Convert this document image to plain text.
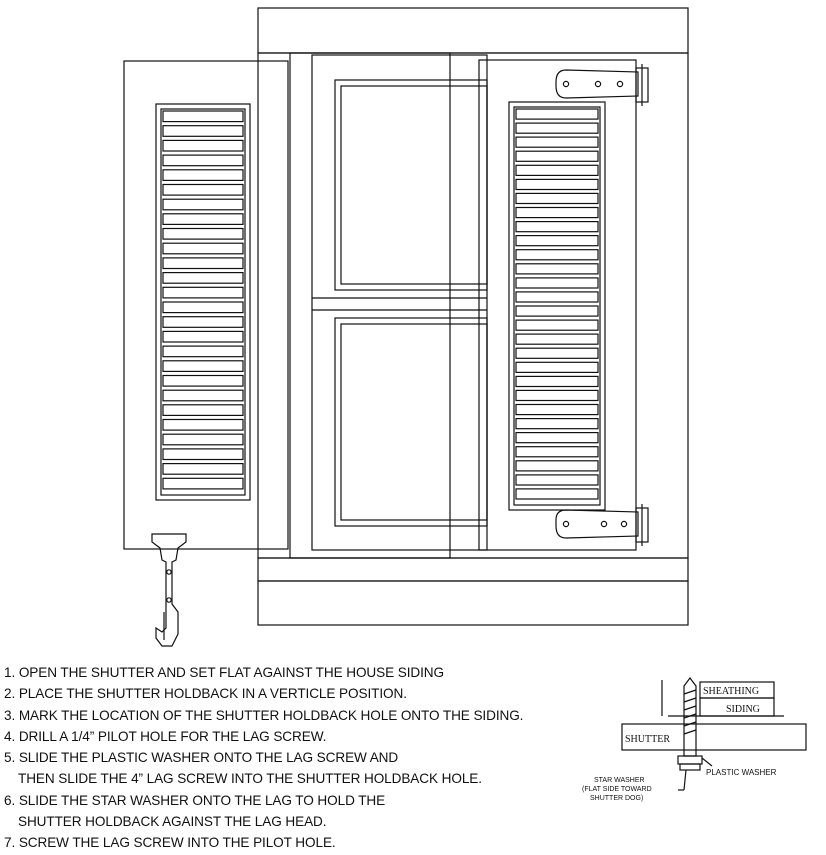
SHEATHING
SIDING
SHUTTER
PLASTIC WASHER
STAR WASHER
(FLAT SIDE TOWARD
SHUTTER DOG)
1. OPEN THE SHUTTER AND SET FLAT AGAINST THE HOUSE SIDING
2. PLACE THE SHUTTER HOLDBACK IN A VERTICLE POSITION.
3. MARK THE LOCATION OF THE SHUTTER HOLDBACK HOLE ONTO THE SIDING.
4. DRILL A 1/4” PILOT HOLE FOR THE LAG SCREW.
5. SLIDE THE PLASTIC WASHER ONTO THE LAG SCREW AND
THEN SLIDE THE 4” LAG SCREW INTO THE SHUTTER HOLDBACK HOLE.
6. SLIDE THE STAR WASHER ONTO THE LAG TO HOLD THE
SHUTTER HOLDBACK AGAINST THE LAG HEAD.
7. SCREW THE LAG SCREW INTO THE PILOT HOLE.
